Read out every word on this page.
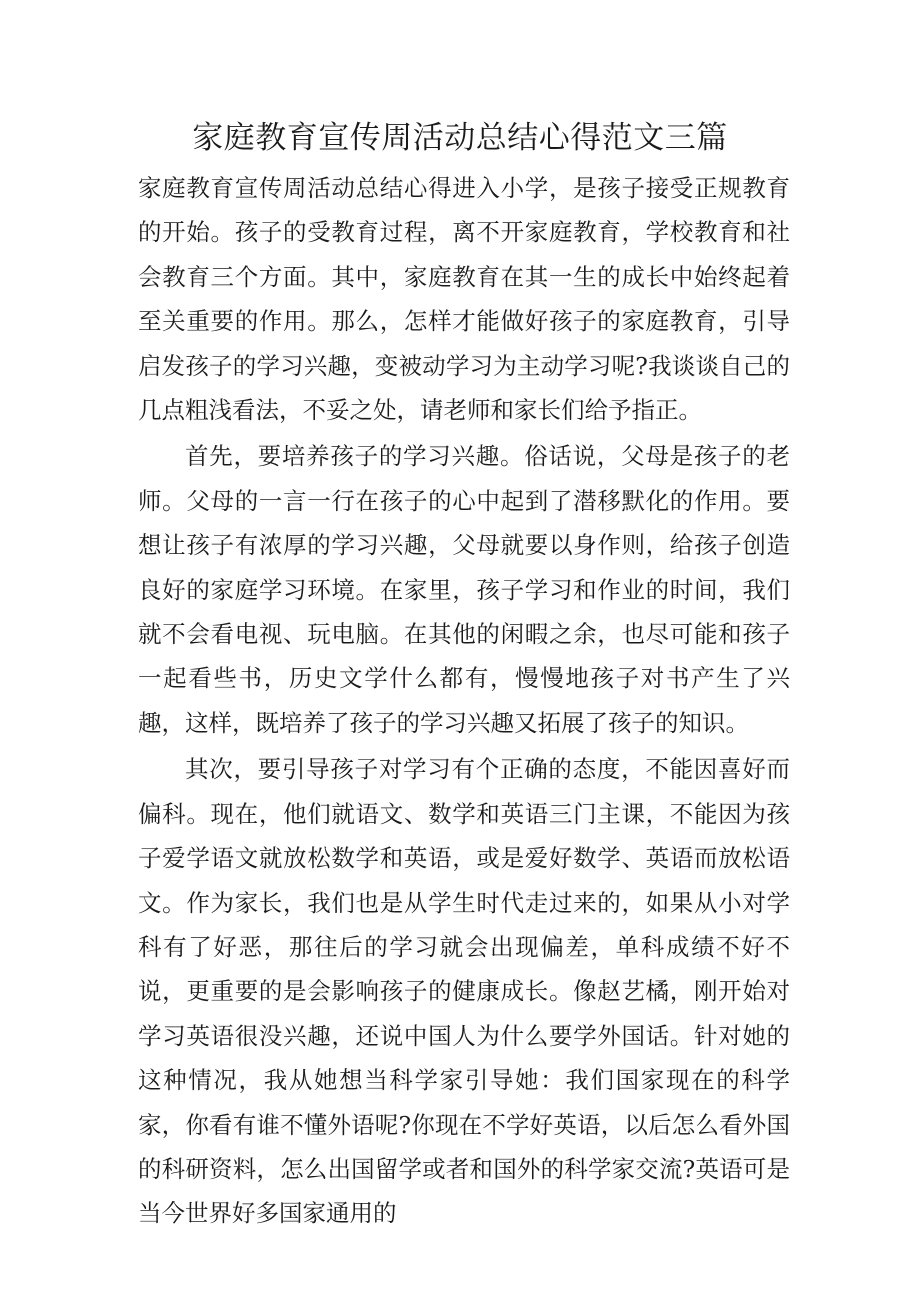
家庭教育宣传周活动总结心得范文三篇

家庭教育宣传周活动总结心得进入小学，是孩子接受正规教育的开始。孩子的受教育过程，离不开家庭教育，学校教育和社会教育三个方面。其中，家庭教育在其一生的成长中始终起着至关重要的作用。那么，怎样才能做好孩子的家庭教育，引导启发孩子的学习兴趣，变被动学习为主动学习呢?我谈谈自己的几点粗浅看法，不妥之处，请老师和家长们给予指正。

首先，要培养孩子的学习兴趣。俗话说，父母是孩子的老师。父母的一言一行在孩子的心中起到了潜移默化的作用。要想让孩子有浓厚的学习兴趣，父母就要以身作则，给孩子创造良好的家庭学习环境。在家里，孩子学习和作业的时间，我们就不会看电视、玩电脑。在其他的闲暇之余，也尽可能和孩子一起看些书，历史文学什么都有，慢慢地孩子对书产生了兴趣，这样，既培养了孩子的学习兴趣又拓展了孩子的知识。

其次，要引导孩子对学习有个正确的态度，不能因喜好而偏科。现在，他们就语文、数学和英语三门主课，不能因为孩子爱学语文就放松数学和英语，或是爱好数学、英语而放松语文。作为家长，我们也是从学生时代走过来的，如果从小对学科有了好恶，那往后的学习就会出现偏差，单科成绩不好不说，更重要的是会影响孩子的健康成长。像赵艺橘，刚开始对学习英语很没兴趣，还说中国人为什么要学外国话。针对她的这种情况，我从她想当科学家引导她：我们国家现在的科学家，你看有谁不懂外语呢?你现在不学好英语，以后怎么看外国的科研资料，怎么出国留学或者和国外的科学家交流?英语可是当今世界好多国家通用的
